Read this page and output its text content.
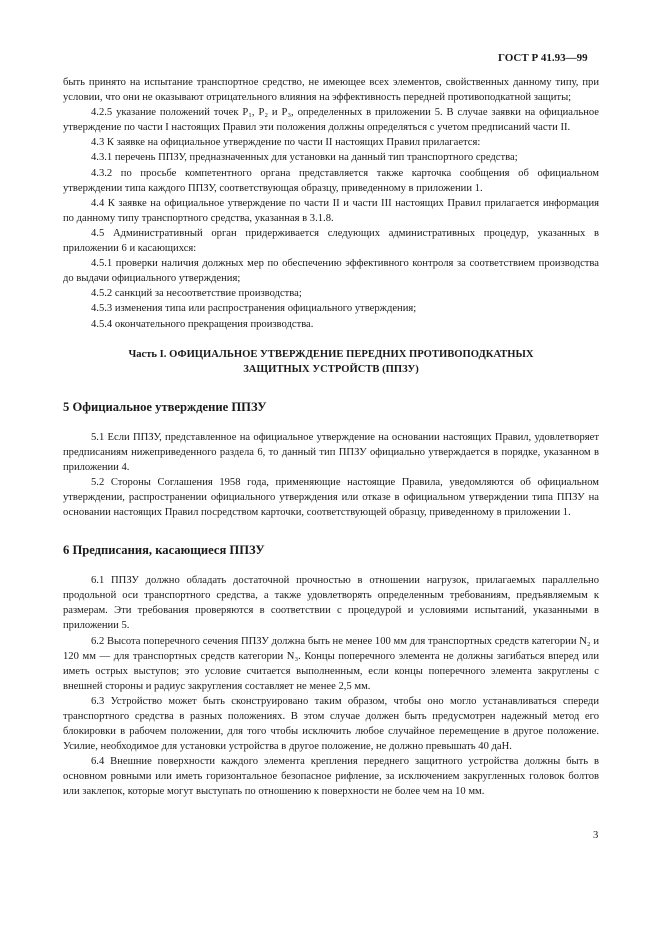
ГОСТ Р 41.93—99

быть принято на испытание транспортное средство, не имеющее всех элементов, свойственных данному типу, при условии, что они не оказывают отрицательного влияния на эффективность передней противоподкатной защиты;

4.2.5 указание положений точек P₁, P₂ и P₃, определенных в приложении 5. В случае заявки на официальное утверждение по части I настоящих Правил эти положения должны определяться с учетом предписаний части II.

4.3 К заявке на официальное утверждение по части II настоящих Правил прилагается:

4.3.1 перечень ППЗУ, предназначенных для установки на данный тип транспортного средства;

4.3.2 по просьбе компетентного органа представляется также карточка сообщения об официальном утверждении типа каждого ППЗУ, соответствующая образцу, приведенному в приложении 1.

4.4 К заявке на официальное утверждение по части II и части III настоящих Правил прилагается информация по данному типу транспортного средства, указанная в 3.1.8.

4.5 Административный орган придерживается следующих административных процедур, указанных в приложении 6 и касающихся:

4.5.1 проверки наличия должных мер по обеспечению эффективного контроля за соответствием производства до выдачи официального утверждения;

4.5.2 санкций за несоответствие производства;

4.5.3 изменения типа или распространения официального утверждения;

4.5.4 окончательного прекращения производства.

Часть I. ОФИЦИАЛЬНОЕ УТВЕРЖДЕНИЕ ПЕРЕДНИХ ПРОТИВОПОДКАТНЫХ
ЗАЩИТНЫХ УСТРОЙСТВ (ППЗУ)
5 Официальное утверждение ППЗУ

5.1 Если ППЗУ, представленное на официальное утверждение на основании настоящих Правил, удовлетворяет предписаниям нижеприведенного раздела 6, то данный тип ППЗУ официально утверждается в порядке, указанном в приложении 4.

5.2 Стороны Соглашения 1958 года, применяющие настоящие Правила, уведомляются об официальном утверждении, распространении официального утверждения или отказе в официальном утверждении типа ППЗУ на основании настоящих Правил посредством карточки, соответствующей образцу, приведенному в приложении 1.

6 Предписания, касающиеся ППЗУ

6.1 ППЗУ должно обладать достаточной прочностью в отношении нагрузок, прилагаемых параллельно продольной оси транспортного средства, а также удовлетворять определенным требованиям, предъявляемым к размерам. Эти требования проверяются в соответствии с процедурой и условиями испытаний, указанными в приложении 5.

6.2 Высота поперечного сечения ППЗУ должна быть не менее 100 мм для транспортных средств категории N₂ и 120 мм — для транспортных средств категории N₃. Концы поперечного элемента не должны загибаться вперед или иметь острых выступов; это условие считается выполненным, если концы поперечного элемента закруглены с внешней стороны и радиус закругления составляет не менее 2,5 мм.

6.3 Устройство может быть сконструировано таким образом, чтобы оно могло устанавливаться спереди транспортного средства в разных положениях. В этом случае должен быть предусмотрен надежный метод его блокировки в рабочем положении, для того чтобы исключить любое случайное перемещение в другое положение. Усилие, необходимое для установки устройства в другое положение, не должно превышать 40 даН.

6.4 Внешние поверхности каждого элемента крепления переднего защитного устройства должны быть в основном ровными или иметь горизонтальное безопасное рифление, за исключением закругленных головок болтов или заклепок, которые могут выступать по отношению к поверхности не более чем на 10 мм.

3
